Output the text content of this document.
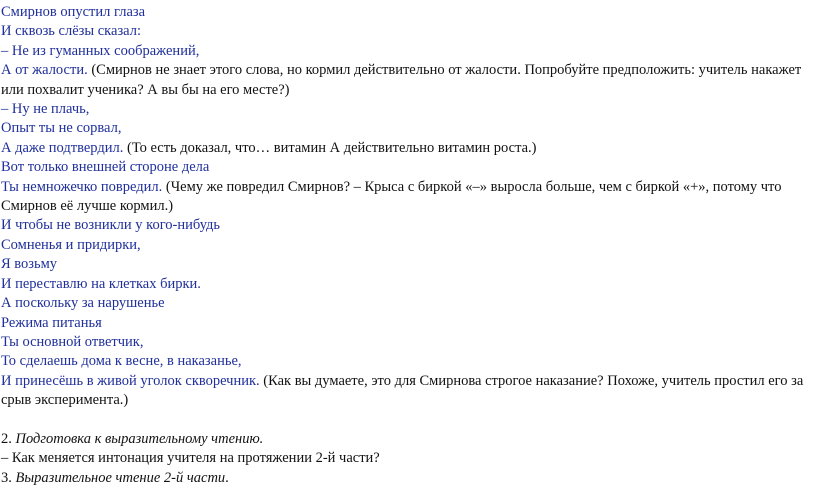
Смирнов опустил глаза

И сквозь слёзы сказал:

– Не из гуманных соображений,

А от жалости. (Смирнов не знает этого слова, но кормил действительно от жалости. Попробуйте предположить: учитель накажет или похвалит ученика? А вы бы на его месте?)

– Ну не плачь,

Опыт ты не сорвал,

А даже подтвердил. (То есть доказал, что… витамин А действительно витамин роста.)

Вот только внешней стороне дела

Ты немножечко повредил. (Чему же повредил Смирнов? – Крыса с биркой «–» выросла больше, чем с биркой «+», потому что Смирнов её лучше кормил.)

И чтобы не возникли у кого-нибудь

Сомненья и придирки,

Я возьму

И переставлю на клетках бирки.

А поскольку за нарушенье

Режима питанья

Ты основной ответчик,

То сделаешь дома к весне, в наказанье,

И принесёшь в живой уголок скворечник. (Как вы думаете, это для Смирнова строгое наказание? Похоже, учитель простил его за срыв эксперимента.)

2. Подготовка к выразительному чтению.

– Как меняется интонация учителя на протяжении 2-й части?

3. Выразительное чтение 2-й части.
